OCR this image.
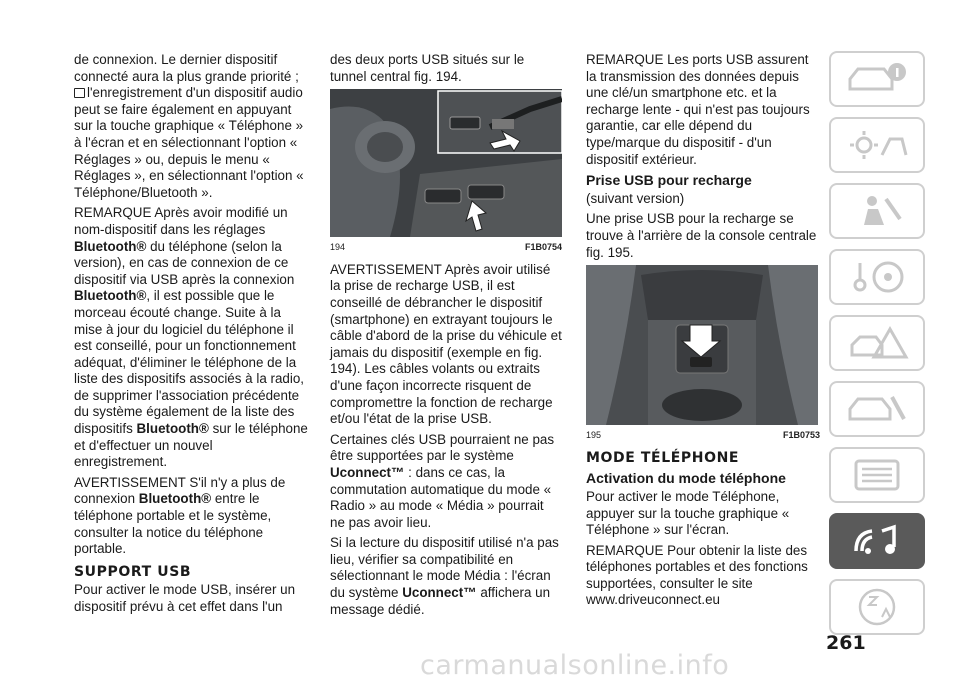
de connexion. Le dernier dispositif connecté aura la plus grande priorité ; l'enregistrement d'un dispositif audio peut se faire également en appuyant sur la touche graphique « Téléphone » à l'écran et en sélectionnant l'option « Réglages » ou, depuis le menu « Réglages », en sélectionnant l'option « Téléphone/Bluetooth ».

REMARQUE Après avoir modifié un nom-dispositif dans les réglages Bluetooth® du téléphone (selon la version), en cas de connexion de ce dispositif via USB après la connexion Bluetooth®, il est possible que le morceau écouté change. Suite à la mise à jour du logiciel du téléphone il est conseillé, pour un fonctionnement adéquat, d'éliminer le téléphone de la liste des dispositifs associés à la radio, de supprimer l'association précédente du système également de la liste des dispositifs Bluetooth® sur le téléphone et d'effectuer un nouvel enregistrement.

AVERTISSEMENT S'il n'y a plus de connexion Bluetooth® entre le téléphone portable et le système, consulter la notice du téléphone portable.

SUPPORT USB

Pour activer le mode USB, insérer un dispositif prévu à cet effet dans l'un

des deux ports USB situés sur le tunnel central fig. 194.

194	F1B0754

AVERTISSEMENT Après avoir utilisé la prise de recharge USB, il est conseillé de débrancher le dispositif (smartphone) en extrayant toujours le câble d'abord de la prise du véhicule et jamais du dispositif (exemple en fig. 194). Les câbles volants ou extraits d'une façon incorrecte risquent de compromettre la fonction de recharge et/ou l'état de la prise USB.

Certaines clés USB pourraient ne pas être supportées par le système Uconnect™ : dans ce cas, la commutation automatique du mode « Radio » au mode « Média » pourrait ne pas avoir lieu.

Si la lecture du dispositif utilisé n'a pas lieu, vérifier sa compatibilité en sélectionnant le mode Média : l'écran du système Uconnect™ affichera un message dédié.

REMARQUE Les ports USB assurent la transmission des données depuis une clé/un smartphone etc. et la recharge lente - qui n'est pas toujours garantie, car elle dépend du type/marque du dispositif - d'un dispositif extérieur.

Prise USB pour recharge

(suivant version)

Une prise USB pour la recharge se trouve à l'arrière de la console centrale fig. 195.

195	F1B0753
MODE TÉLÉPHONE
Activation du mode téléphone

Pour activer le mode Téléphone, appuyer sur la touche graphique « Téléphone » sur l'écran.

REMARQUE Pour obtenir la liste des téléphones portables et des fonctions supportées, consulter le site www.driveuconnect.eu

261
carmanualsonline.info
